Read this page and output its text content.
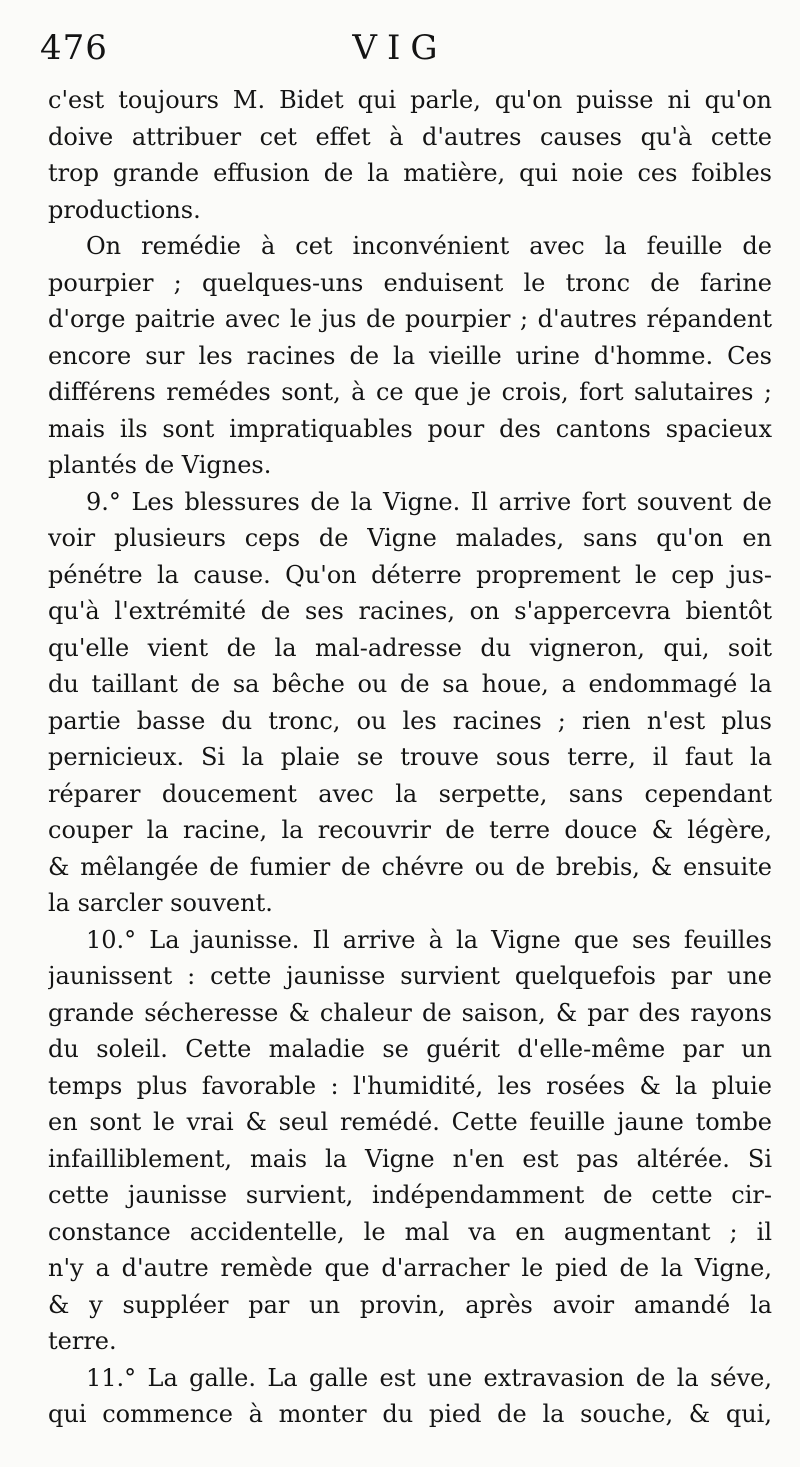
476	VIG
c'est toujours M. Bidet qui parle, qu'on puisse ni qu'on
doive attribuer cet effet à d'autres causes qu'à cette
trop grande effusion de la matière, qui noie ces foibles
productions.
On remédie à cet inconvénient avec la feuille de
pourpier ; quelques-uns enduisent le tronc de farine
d'orge paitrie avec le jus de pourpier ; d'autres répandent
encore sur les racines de la vieille urine d'homme. Ces
différens remédes sont, à ce que je crois, fort salutaires ;
mais ils sont impratiquables pour des cantons spacieux
plantés de Vignes.
9.° Les blessures de la Vigne. Il arrive fort souvent de
voir plusieurs ceps de Vigne malades, sans qu'on en
pénétre la cause. Qu'on déterre proprement le cep jus-
qu'à l'extrémité de ses racines, on s'appercevra bientôt
qu'elle vient de la mal-adresse du vigneron, qui, soit
du taillant de sa bêche ou de sa houe, a endommagé la
partie basse du tronc, ou les racines ; rien n'est plus
pernicieux. Si la plaie se trouve sous terre, il faut la
réparer doucement avec la serpette, sans cependant
couper la racine, la recouvrir de terre douce & légère,
& mêlangée de fumier de chévre ou de brebis, & ensuite
la sarcler souvent.
10.° La jaunisse. Il arrive à la Vigne que ses feuilles
jaunissent : cette jaunisse survient quelquefois par une
grande sécheresse & chaleur de saison, & par des rayons
du soleil. Cette maladie se guérit d'elle-même par un
temps plus favorable : l'humidité, les rosées & la pluie
en sont le vrai & seul remédé. Cette feuille jaune tombe
infailliblement, mais la Vigne n'en est pas altérée. Si
cette jaunisse survient, indépendamment de cette cir-
constance accidentelle, le mal va en augmentant ; il
n'y a d'autre remède que d'arracher le pied de la Vigne,
& y suppléer par un provin, après avoir amandé la
terre.
11.° La galle. La galle est une extravasion de la séve,
qui commence à monter du pied de la souche, & qui,
